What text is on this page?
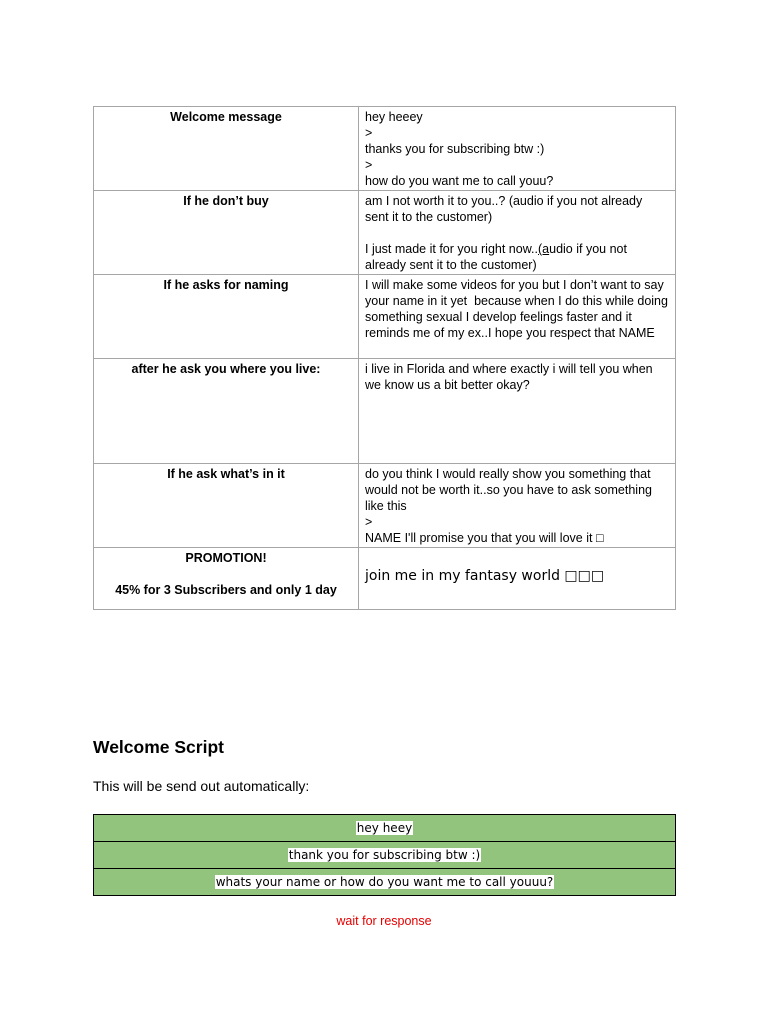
Welcome message	hey heeey
>
thanks you for subscribing btw :)
>
how do you want me to call youu?

If he don’t buy	am I not worth it to you..? (audio if you not already sent it to the customer)
I just made it for you right now..(audio if you not already sent it to the customer)

If he asks for naming	I will make some videos for you but I don’t want to say your name in it yet  because when I do this while doing something sexual I develop feelings faster and it reminds me of my ex..I hope you respect that NAME

after he ask you where you live:	i live in Florida and where exactly i will tell you when we know us a bit better okay?

If he ask what’s in it	do you think I would really show you something that would not be worth it..so you have to ask something like this
>
NAME I'll promise you that you will love it □

PROMOTION!
45% for 3 Subscribers and only 1 day	join me in my fantasy world □□□
Welcome Script

This will be send out automatically:

hey heey
thank you for subscribing btw :)
whats your name or how do you want me to call youuu?

wait for response
